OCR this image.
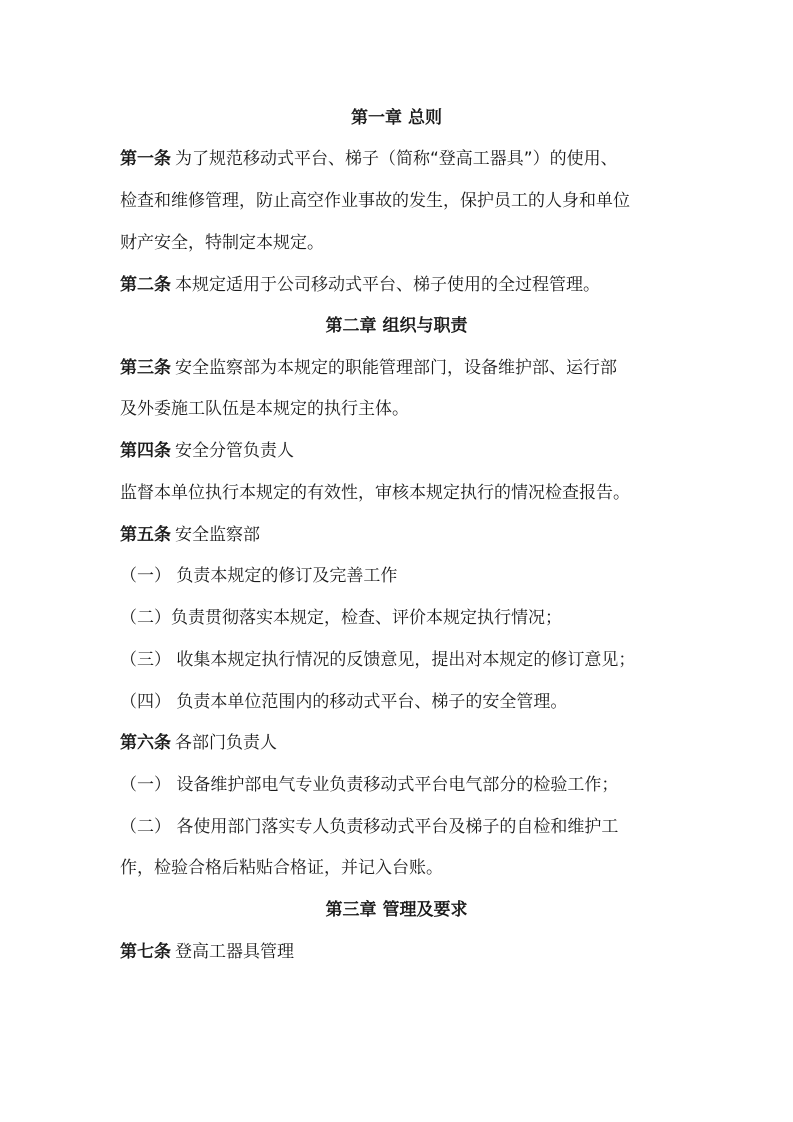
第一章 总则
第一条 为了规范移动式平台、梯子（简称“登高工器具”）的使用、
检查和维修管理，防止高空作业事故的发生，保护员工的人身和单位
财产安全，特制定本规定。
第二条 本规定适用于公司移动式平台、梯子使用的全过程管理。
第二章 组织与职责
第三条 安全监察部为本规定的职能管理部门，设备维护部、运行部
及外委施工队伍是本规定的执行主体。
第四条 安全分管负责人
监督本单位执行本规定的有效性，审核本规定执行的情况检查报告。
第五条 安全监察部
（一） 负责本规定的修订及完善工作
（二）负责贯彻落实本规定，检查、评价本规定执行情况；
（三） 收集本规定执行情况的反馈意见，提出对本规定的修订意见；
（四） 负责本单位范围内的移动式平台、梯子的安全管理。
第六条 各部门负责人
（一） 设备维护部电气专业负责移动式平台电气部分的检验工作；
（二） 各使用部门落实专人负责移动式平台及梯子的自检和维护工
作，检验合格后粘贴合格证，并记入台账。
第三章 管理及要求
第七条 登高工器具管理
